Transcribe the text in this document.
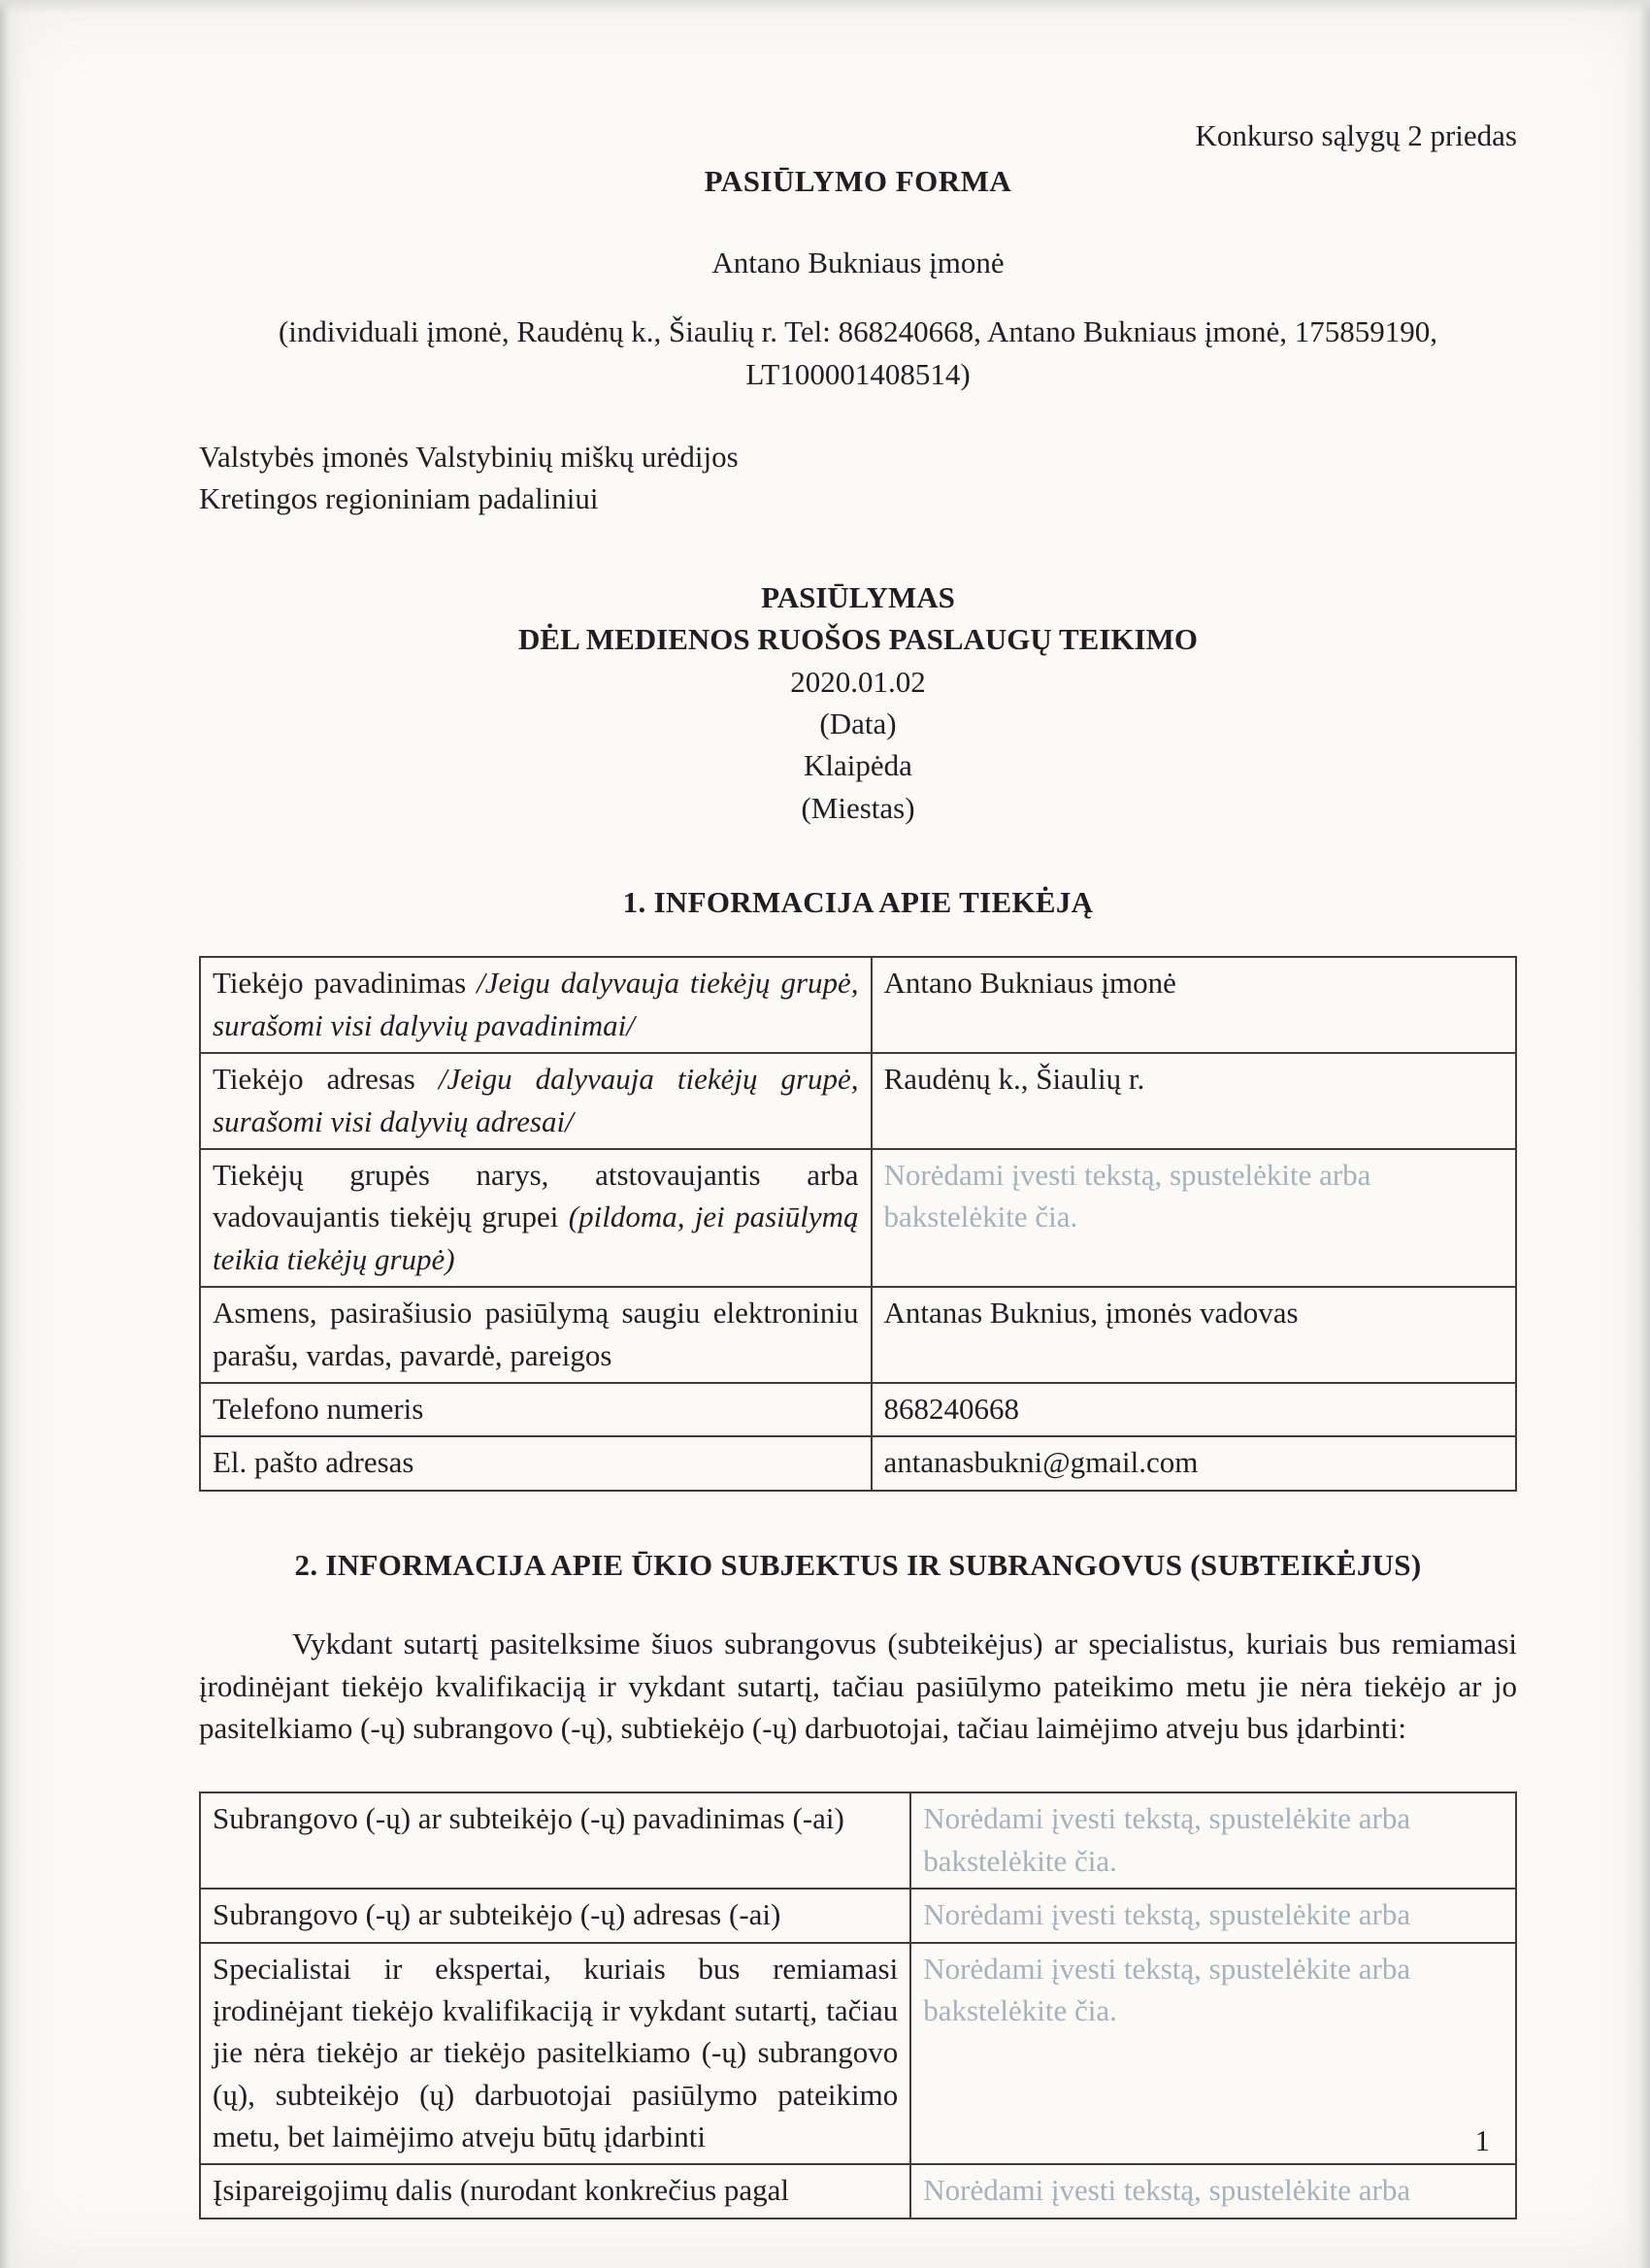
Konkurso sąlygų 2 priedas

PASIŪLYMO FORMA

Antano Bukniaus įmonė

(individuali įmonė, Raudėnų k., Šiaulių r. Tel: 868240668, Antano Bukniaus įmonė, 175859190, LT100001408514)

Valstybės įmonės Valstybinių miškų urėdijos

Kretingos regioniniam padaliniui

PASIŪLYMAS

DĖL MEDIENOS RUOŠOS PASLAUGŲ TEIKIMO

2020.01.02

(Data)

Klaipėda

(Miestas)

1. INFORMACIJA APIE TIEKĖJĄ
Tiekėjo pavadinimas /Jeigu dalyvauja tiekėjų grupė, surašomi visi dalyvių pavadinimai/	Antano Bukniaus įmonė
Tiekėjo adresas /Jeigu dalyvauja tiekėjų grupė, surašomi visi dalyvių adresai/	Raudėnų k., Šiaulių r.
Tiekėjų grupės narys, atstovaujantis arba vadovaujantis tiekėjų grupei (pildoma, jei pasiūlymą teikia tiekėjų grupė)	Norėdami įvesti tekstą, spustelėkite arba bakstelėkite čia.
Asmens, pasirašiusio pasiūlymą saugiu elektroniniu parašu, vardas, pavardė, pareigos	Antanas Buknius, įmonės vadovas
Telefono numeris	868240668
El. pašto adresas	antanasbukni@gmail.com
2. INFORMACIJA APIE ŪKIO SUBJEKTUS IR SUBRANGOVUS (SUBTEIKĖJUS)

Vykdant sutartį pasitelksime šiuos subrangovus (subteikėjus) ar specialistus, kuriais bus remiamasi įrodinėjant tiekėjo kvalifikaciją ir vykdant sutartį, tačiau pasiūlymo pateikimo metu jie nėra tiekėjo ar jo pasitelkiamo (-ų) subrangovo (-ų), subtiekėjo (-ų) darbuotojai, tačiau laimėjimo atveju bus įdarbinti:

Subrangovo (-ų) ar subteikėjo (-ų) pavadinimas (-ai)	Norėdami įvesti tekstą, spustelėkite arba bakstelėkite čia.
Subrangovo (-ų) ar subteikėjo (-ų) adresas (-ai)	Norėdami įvesti tekstą, spustelėkite arba
Specialistai ir ekspertai, kuriais bus remiamasi įrodinėjant tiekėjo kvalifikaciją ir vykdant sutartį, tačiau jie nėra tiekėjo ar tiekėjo pasitelkiamo (-ų) subrangovo (ų), subteikėjo (ų) darbuotojai pasiūlymo pateikimo metu, bet laimėjimo atveju būtų įdarbinti	Norėdami įvesti tekstą, spustelėkite arba bakstelėkite čia.
Įsipareigojimų dalis (nurodant konkrečius pagal	Norėdami įvesti tekstą, spustelėkite arba
1
